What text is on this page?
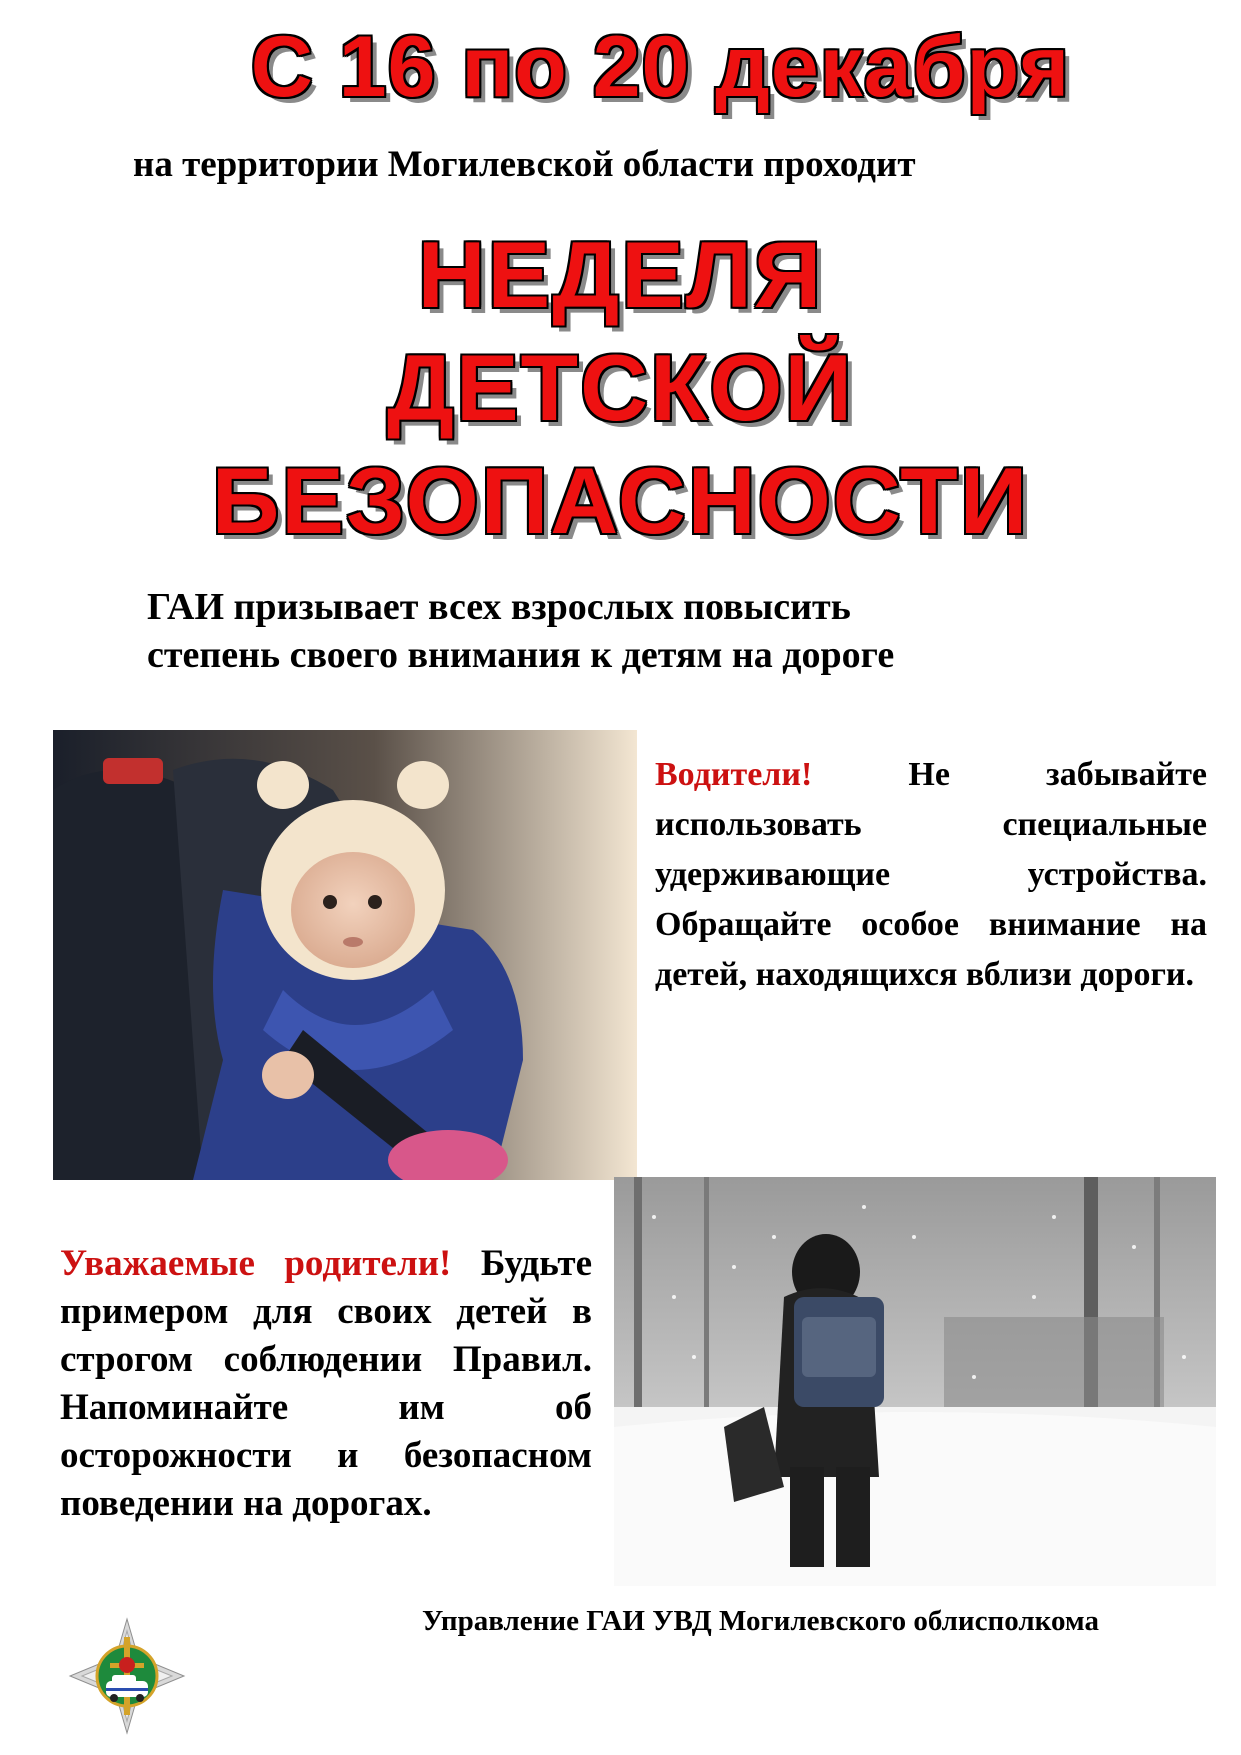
С 16 по 20 декабря
на территории Могилевской области проходит
НЕДЕЛЯ
ДЕТСКОЙ
БЕЗОПАСНОСТИ
ГАИ призывает всех взрослых повысить
степень своего внимания к детям на дороге
Водители!	Не забывайте использовать специальные удерживающие устройства. Обращайте особое внимание на детей, находящихся вблизи дороги.
Уважаемые родители! Будьте примером для своих детей в строгом соблюдении Правил. Напоминайте им об осторожности и безопасном поведении на дорогах.
Управление ГАИ УВД Могилевского облисполкома
